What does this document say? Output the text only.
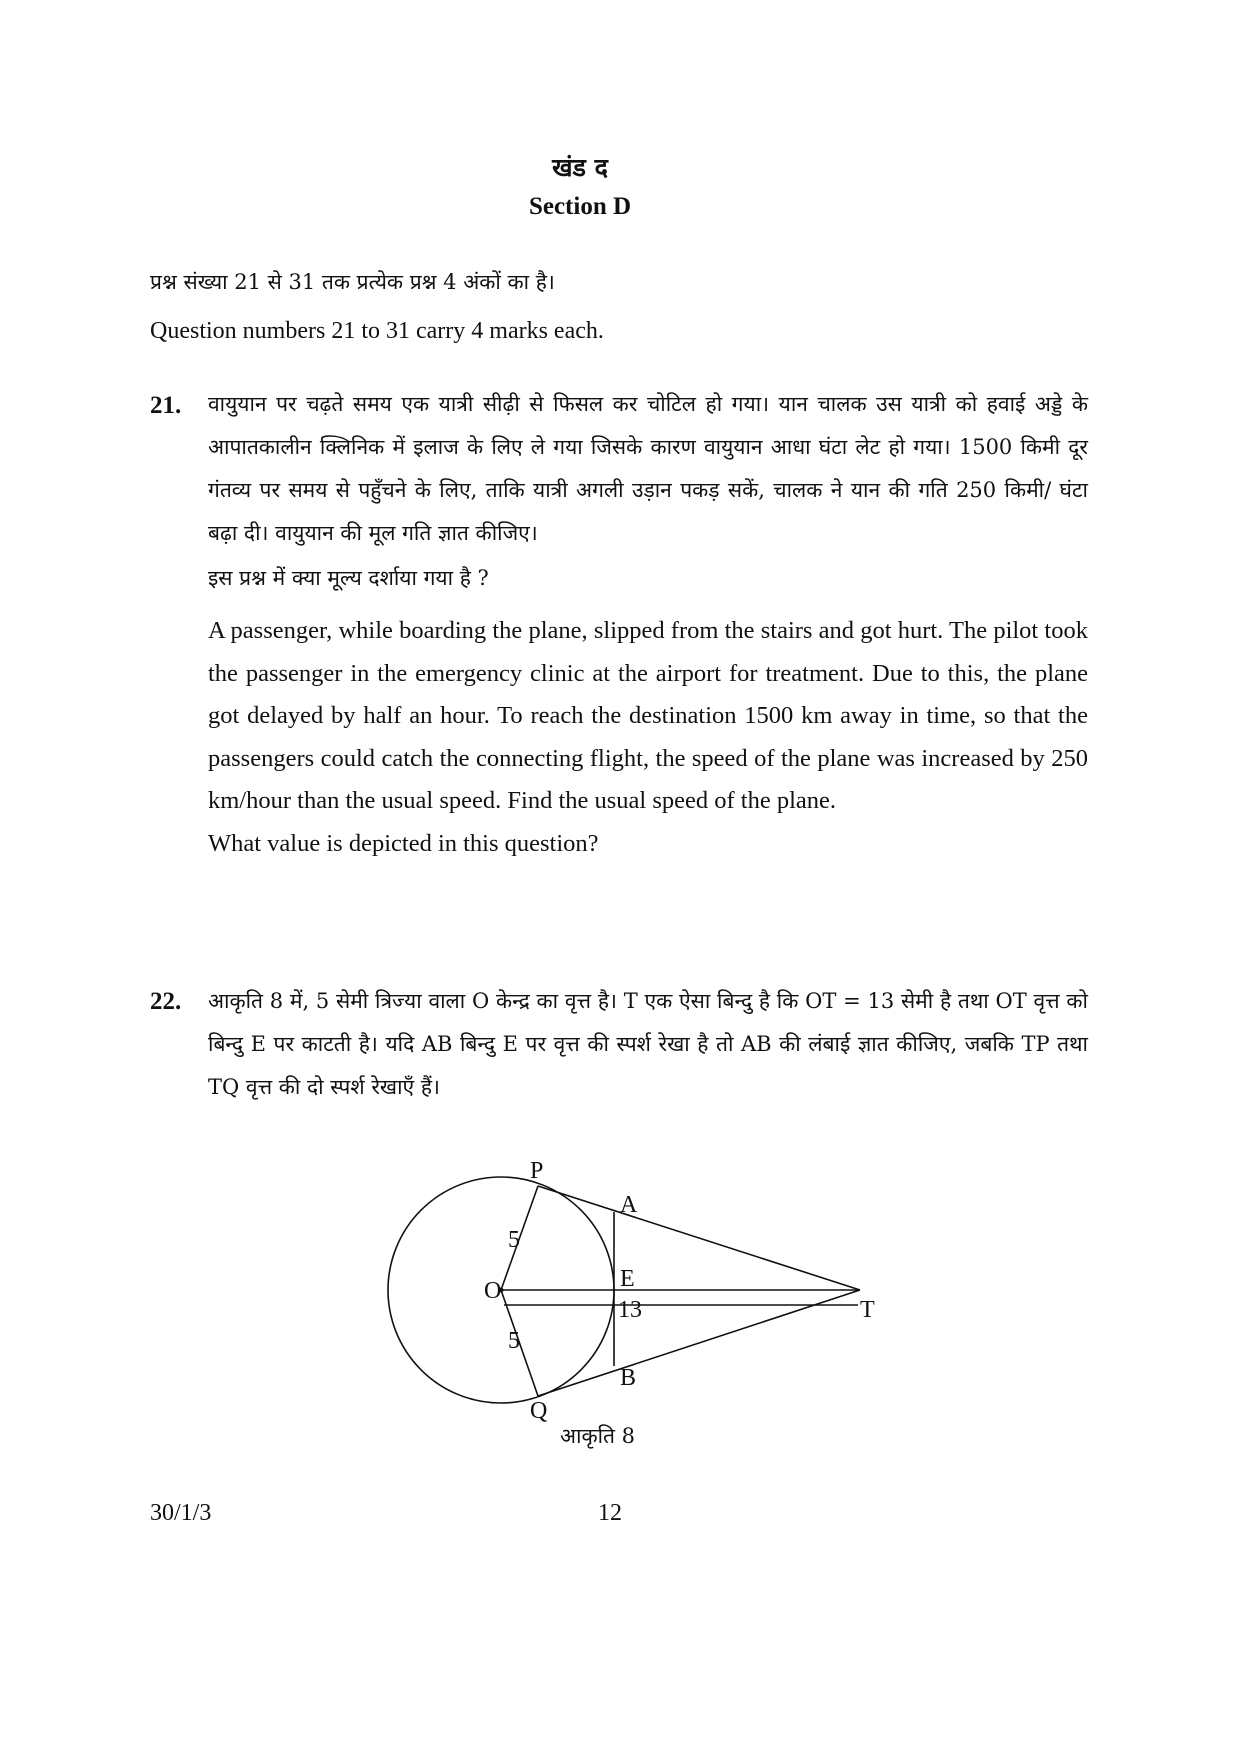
खंड द
Section D
प्रश्न संख्या 21 से 31 तक प्रत्येक प्रश्न 4 अंकों का है।
Question numbers 21 to 31 carry 4 marks each.
21. वायुयान पर चढ़ते समय एक यात्री सीढ़ी से फिसल कर चोटिल हो गया। यान चालक उस यात्री को हवाई अड्डे के आपातकालीन क्लिनिक में इलाज के लिए ले गया जिसके कारण वायुयान आधा घंटा लेट हो गया। 1500 किमी दूर गंतव्य पर समय से पहुँचने के लिए, ताकि यात्री अगली उड़ान पकड़ सकें, चालक ने यान की गति 250 किमी/ घंटा बढ़ा दी। वायुयान की मूल गति ज्ञात कीजिए।

इस प्रश्न में क्या मूल्य दर्शाया गया है ?

A passenger, while boarding the plane, slipped from the stairs and got hurt. The pilot took the passenger in the emergency clinic at the airport for treatment. Due to this, the plane got delayed by half an hour. To reach the destination 1500 km away in time, so that the passengers could catch the connecting flight, the speed of the plane was increased by 250 km/hour than the usual speed. Find the usual speed of the plane.

What value is depicted in this question?

22. आकृति 8 में, 5 सेमी त्रिज्या वाला O केन्द्र का वृत्त है। T एक ऐसा बिन्दु है कि OT = 13 सेमी है तथा OT वृत्त को बिन्दु E पर काटती है। यदि AB बिन्दु E पर वृत्त की स्पर्श रेखा है तो AB की लंबाई ज्ञात कीजिए, जबकि TP तथा TQ वृत्त की दो स्पर्श रेखाएँ हैं।

P
A
O	E
T
B
Q
5
5
13
आकृति 8
30/1/3	12
